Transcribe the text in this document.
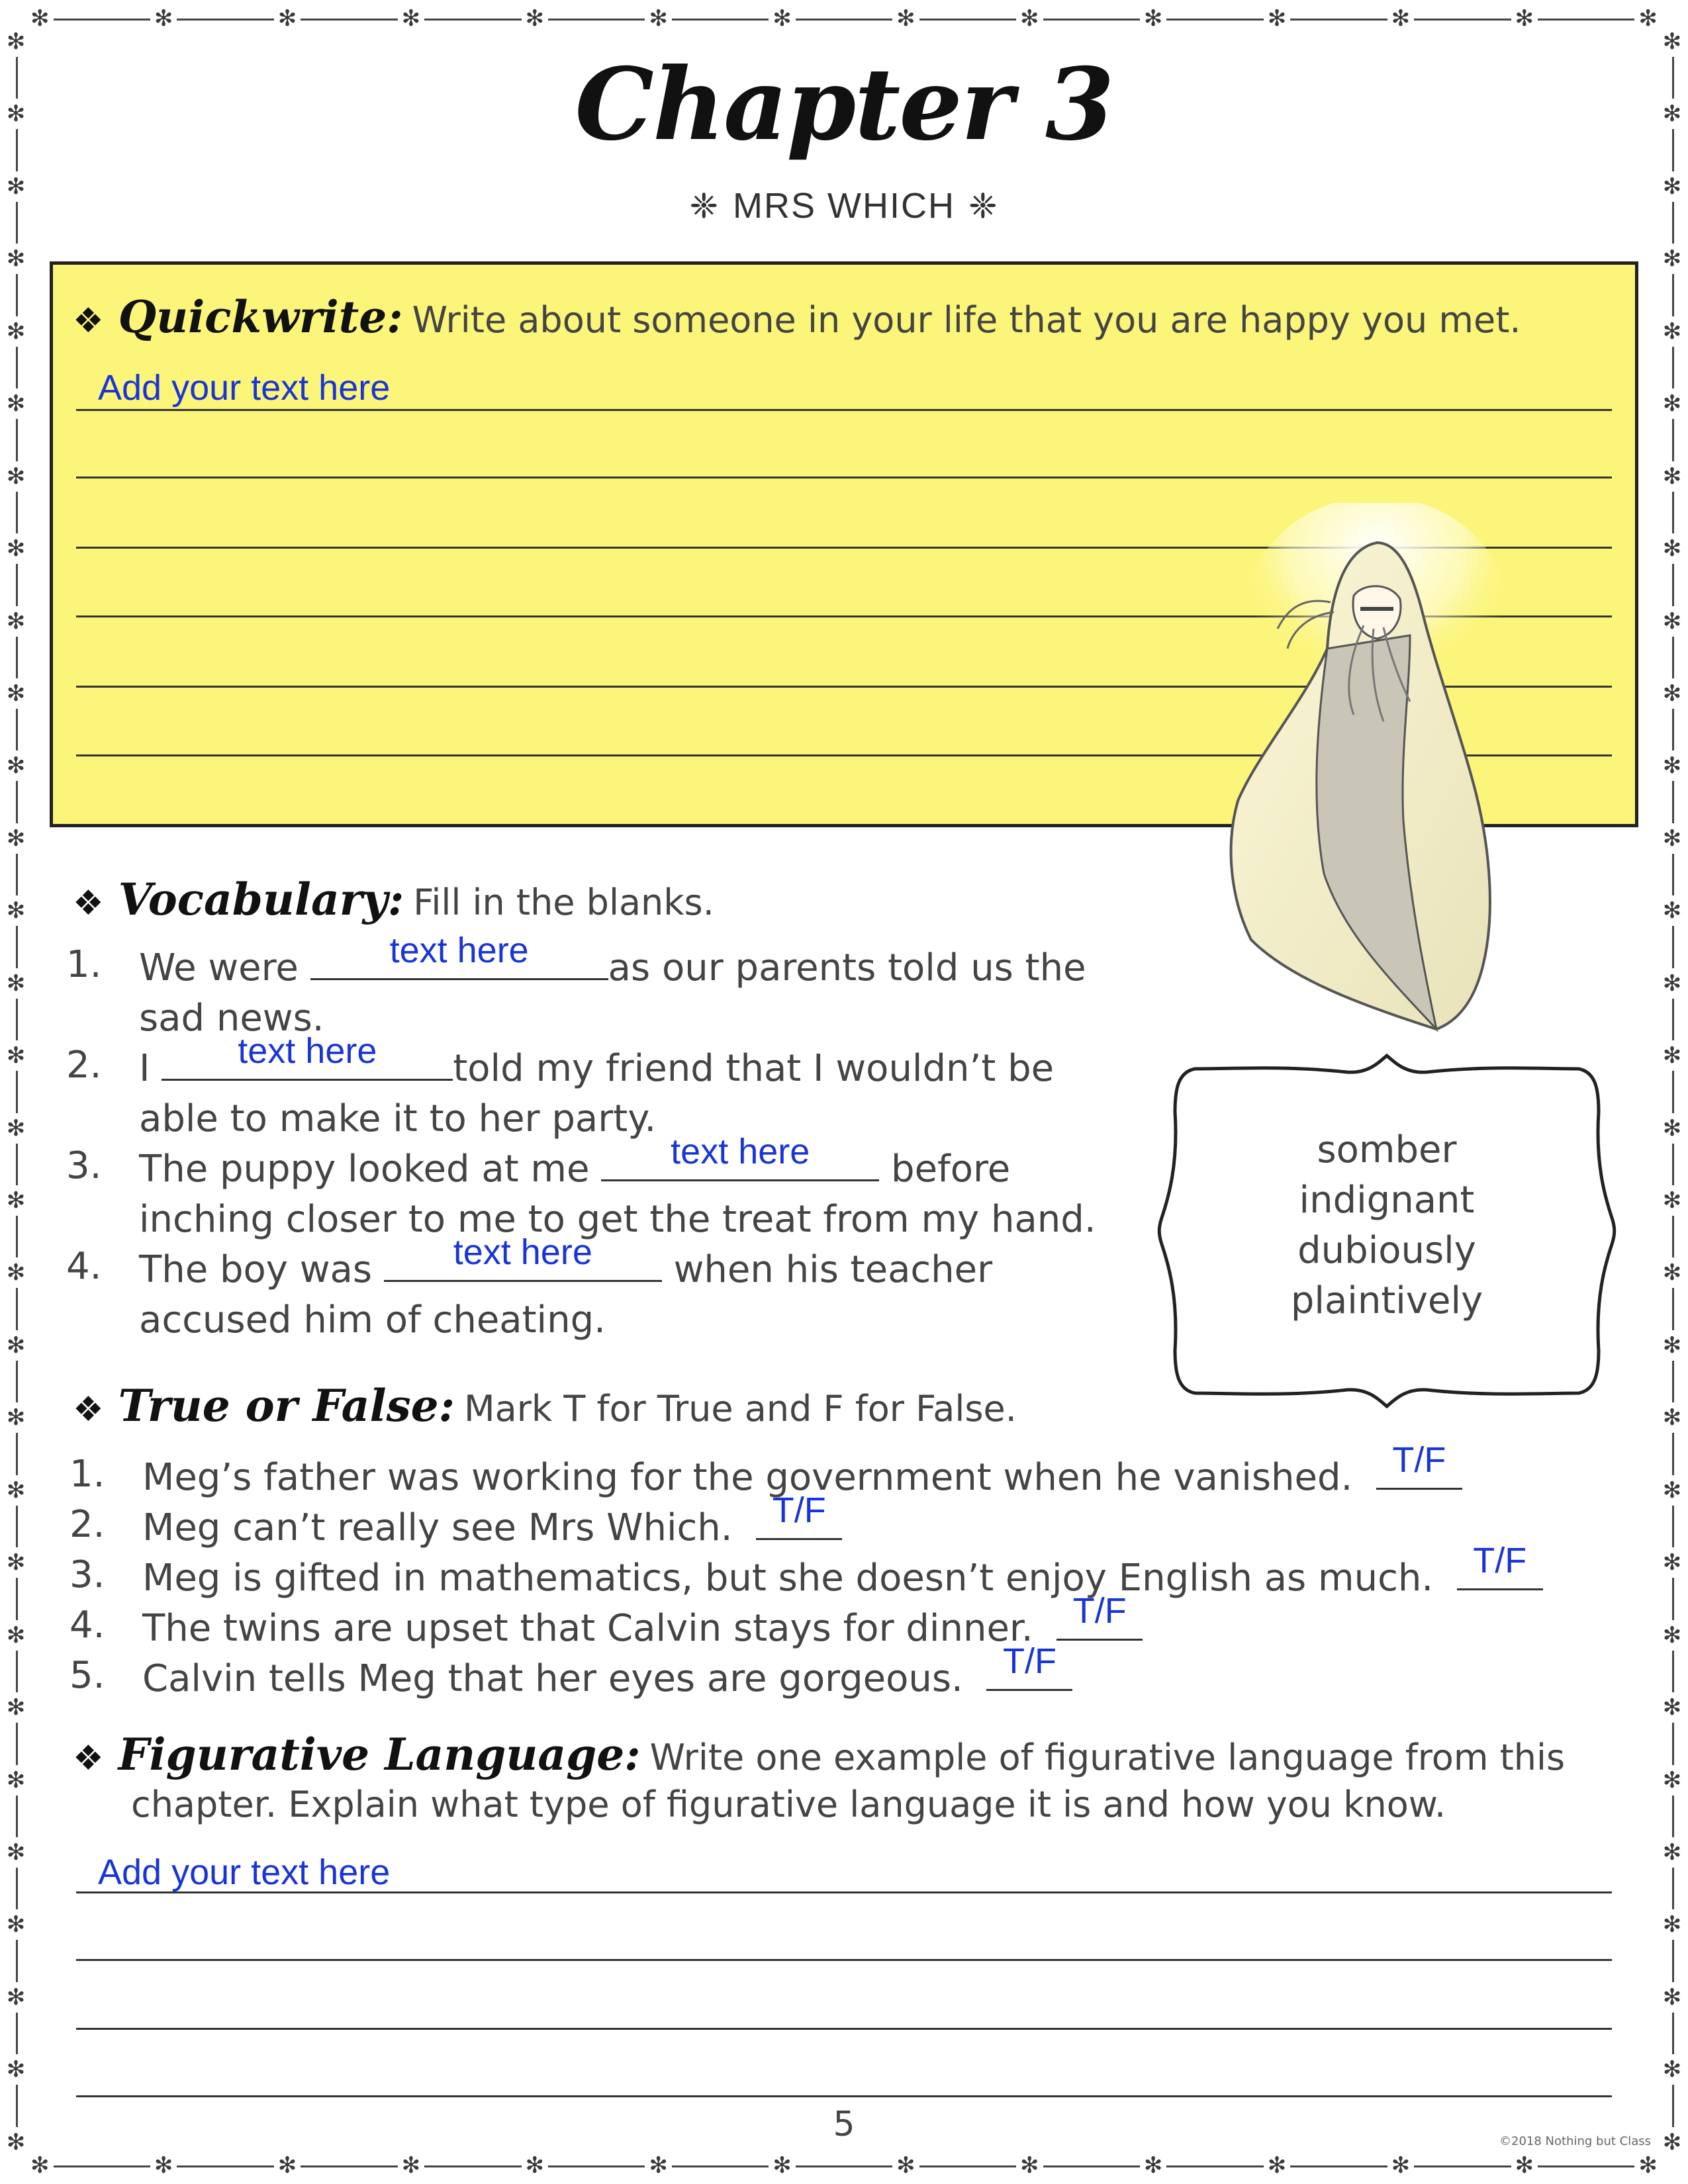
✻	✻	✻	✻	✻	✻	✻	✻	✻	✻	✻	✻	✻	✻
✻	✻	✻	✻	✻	✻	✻	✻	✻	✻	✻	✻	✻	✻
✻
✻
✻
✻
✻
✻
✻
✻
✻
✻
✻
✻
✻
✻
✻
✻
✻
✻
✻
✻
✻
✻
✻
✻
✻
✻
✻
✻
✻
✻
✻
✻
✻
✻
✻
✻
✻
✻
✻
✻
✻
✻
✻
✻
✻
✻
✻
✻
✻
✻
✻
✻
✻
✻
✻
✻
✻
✻
✻
✻
Chapter 3
❈ MRS WHICH ❈
❖ Quickwrite: Write about someone in your life that you are happy you met.
Add your text here
❖ Vocabulary: Fill in the blanks.
1. We were	text here	as our parents told us the
sad news.
2. I	text here	told my friend that I wouldn’t be
able to make it to her party.
3. The puppy looked at me	text here	before
inching closer to me to get the treat from my hand.
4. The boy was	text here	when his teacher
accused him of cheating.
somber
indignant
dubiously
plaintively
❖ True or False: Mark T for True and F for False.
1. Meg’s father was working for the government when he vanished.	T/F
2. Meg can’t really see Mrs Which.	T/F
3. Meg is gifted in mathematics, but she doesn’t enjoy English as much.	T/F
4. The twins are upset that Calvin stays for dinner.	T/F
5. Calvin tells Meg that her eyes are gorgeous.	T/F
❖ Figurative Language: Write one example of figurative language from this
chapter. Explain what type of figurative language it is and how you know.
Add your text here
5	©2018 Nothing but Class
